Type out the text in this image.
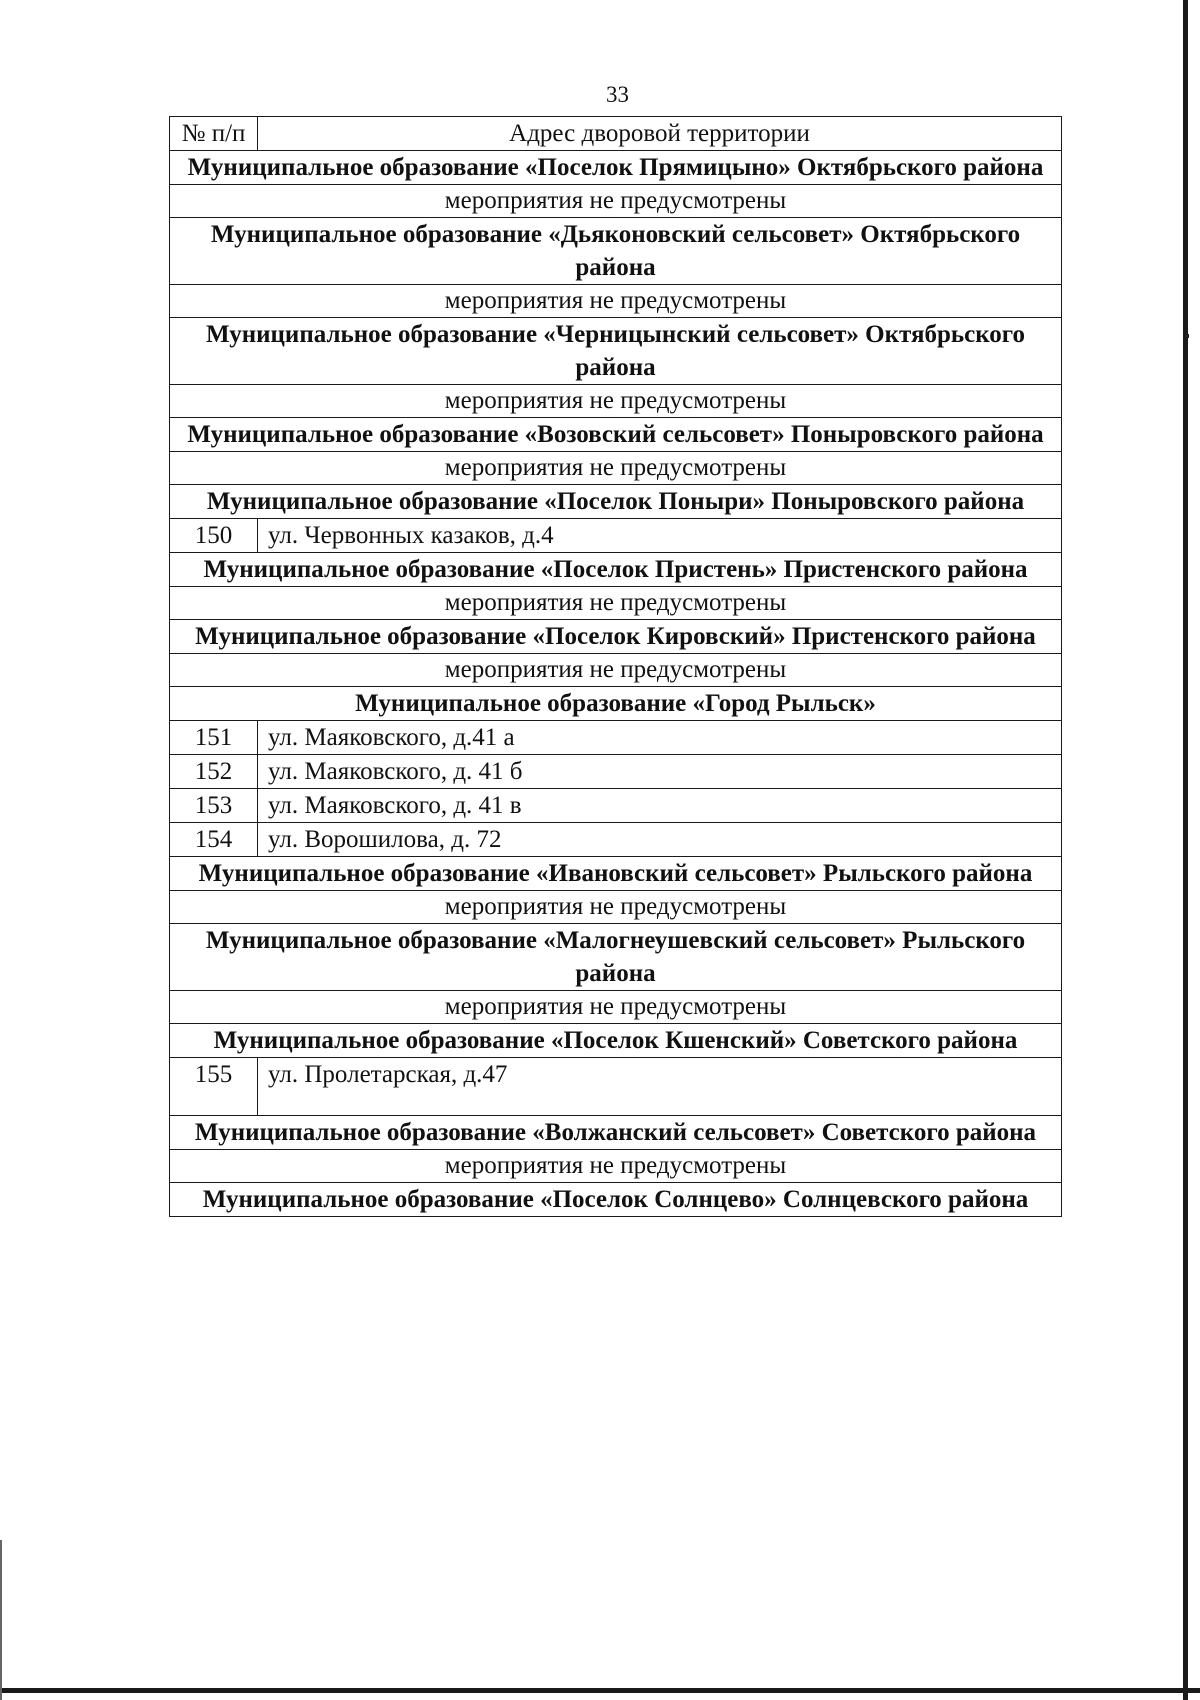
33
№ п/п	Адрес дворовой территории
Муниципальное образование «Поселок Прямицыно» Октябрьского района	
мероприятия не предусмотрены	
Муниципальное образование «Дьяконовский сельсовет» Октябрьского района	
мероприятия не предусмотрены	
Муниципальное образование «Черницынский сельсовет» Октябрьского района	
мероприятия не предусмотрены	
Муниципальное образование «Возовский сельсовет» Поныровского района	
мероприятия не предусмотрены	
Муниципальное образование «Поселок Поныри» Поныровского района	
150	ул. Червонных казаков, д.4
Муниципальное образование «Поселок Пристень» Пристенского района	
мероприятия не предусмотрены	
Муниципальное образование «Поселок Кировский» Пристенского района	
мероприятия не предусмотрены	
Муниципальное образование «Город Рыльск»	
151	ул. Маяковского, д.41 а
152	ул. Маяковского, д. 41 б
153	ул. Маяковского, д. 41 в
154	ул. Ворошилова, д. 72
Муниципальное образование «Ивановский сельсовет» Рыльского района	
мероприятия не предусмотрены	
Муниципальное образование «Малогнеушевский сельсовет» Рыльского района	
мероприятия не предусмотрены	
Муниципальное образование «Поселок Кшенский» Советского района	
155	ул. Пролетарская, д.47
Муниципальное образование «Волжанский сельсовет» Советского района	
мероприятия не предусмотрены	
Муниципальное образование «Поселок Солнцево» Солнцевского района	
